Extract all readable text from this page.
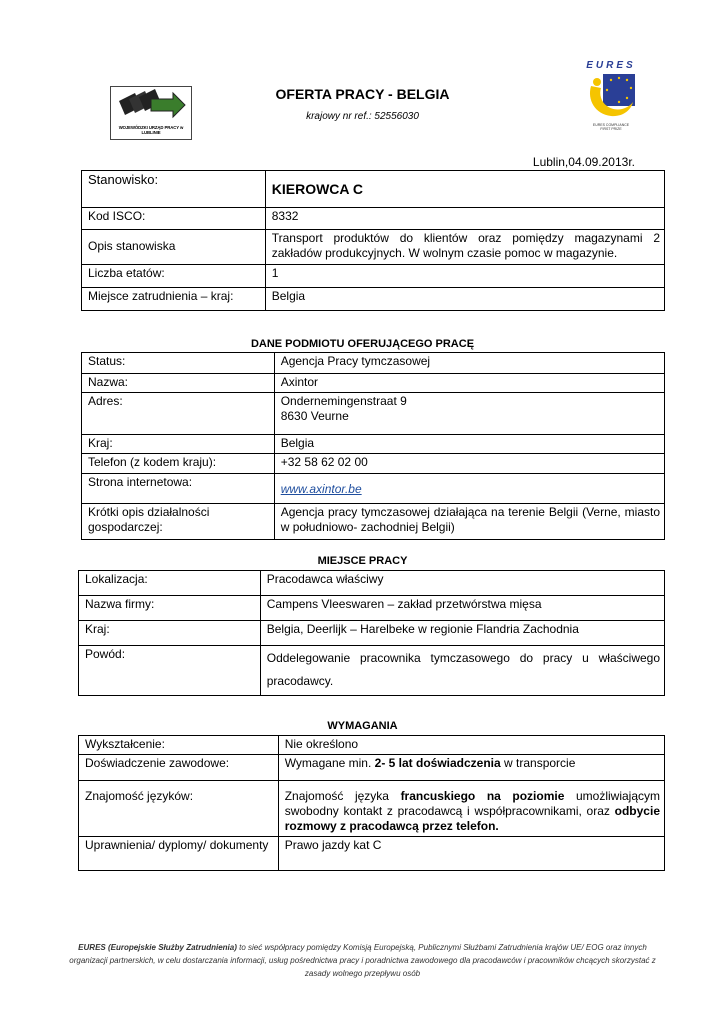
WOJEWÓDZKI URZĄD PRACY w LUBLINIE
EURES
EURES COMPLIANCE FIRST PRIZE
OFERTA PRACY - BELGIA
krajowy nr ref.: 52556030
Lublin,04.09.2013r.
Stanowisko:	KIEROWCA C
Kod ISCO:	8332
Opis stanowiska	Transport produktów do klientów oraz pomiędzy magazynami 2 zakładów produkcyjnych. W wolnym czasie pomoc w magazynie.
Liczba etatów:	1
Miejsce zatrudnienia – kraj:	Belgia
DANE PODMIOTU OFERUJĄCEGO PRACĘ
Status:	Agencja Pracy tymczasowej
Nazwa:	Axintor
Adres:	Ondernemingenstraat 9
8630 Veurne

Kraj:	Belgia
Telefon (z kodem kraju):	+32 58 62 02 00
Strona internetowa:	www.axintor.be
Krótki opis działalności gospodarczej:	Agencja pracy tymczasowej działająca na terenie Belgii (Verne, miasto w południowo- zachodniej Belgii)
MIEJSCE PRACY
Lokalizacja:	Pracodawca właściwy
Nazwa firmy:	Campens Vleeswaren – zakład przetwórstwa mięsa
Kraj:	Belgia, Deerlijk – Harelbeke w regionie Flandria Zachodnia
Powód:	Oddelegowanie pracownika tymczasowego do pracy u właściwego pracodawcy.
WYMAGANIA
Wykształcenie:	Nie określono
Doświadczenie zawodowe:	Wymagane min. 2- 5 lat doświadczenia w transporcie
Znajomość języków:	Znajomość języka francuskiego na poziomie umożliwiającym swobodny kontakt z pracodawcą i współpracownikami, oraz odbycie rozmowy z pracodawcą przez telefon.
Uprawnienia/ dyplomy/ dokumenty	Prawo jazdy kat C
EURES (Europejskie Służby Zatrudnienia) to sieć współpracy pomiędzy Komisją Europejską, Publicznymi Służbami Zatrudnienia krajów UE/ EOG oraz innych organizacji partnerskich, w celu dostarczania informacji, usług pośrednictwa pracy i poradnictwa zawodowego dla pracodawców i pracowników chcących skorzystać z zasady wolnego przepływu osób
